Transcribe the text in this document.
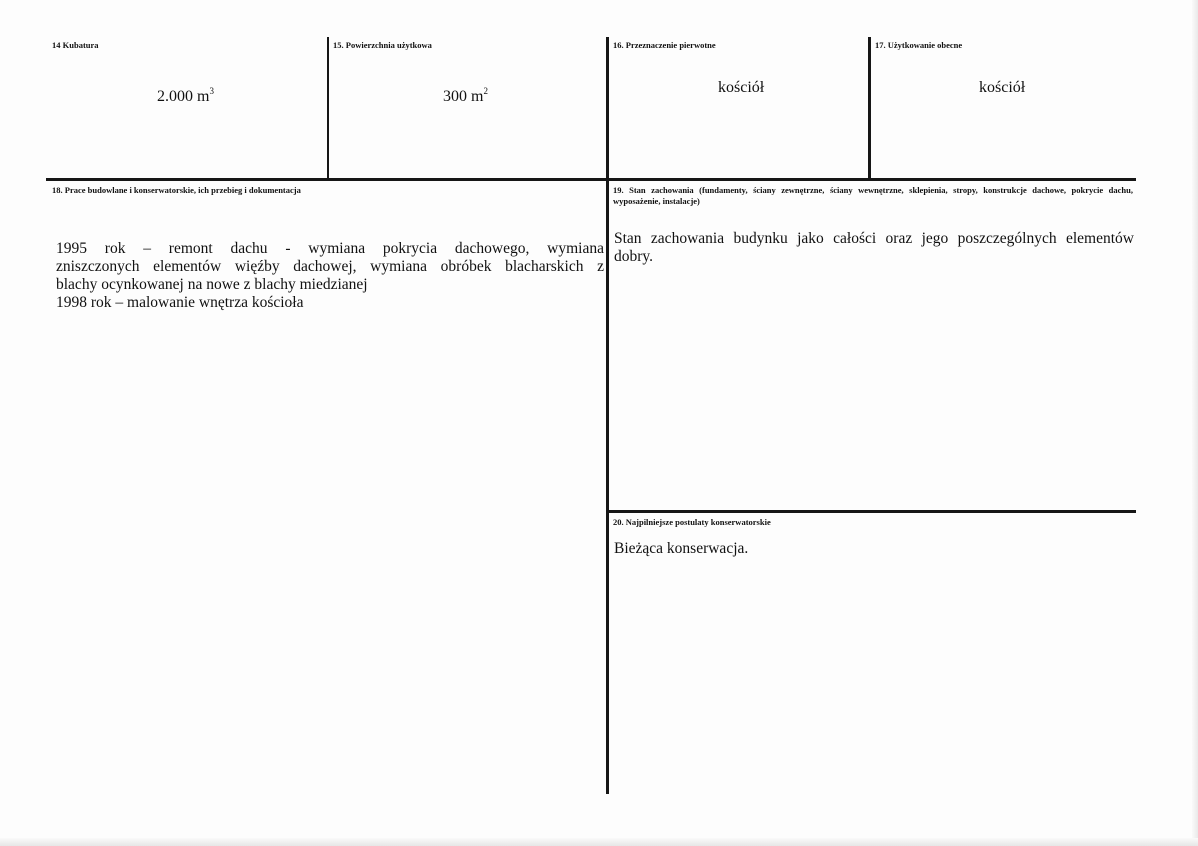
14 Kubatura
2.000 $m^3$
15. Powierzchnia użytkowa
300 $m^2$
16. Przeznaczenie pierwotne
kościół
17. Użytkowanie obecne
kościół
18. Prace budowlane i konserwatorskie, ich przebieg i dokumentacja
1995 rok – remont dachu - wymiana pokrycia dachowego, wymiana
zniszczonych elementów więźby dachowej, wymiana obróbek blacharskich z
blachy ocynkowanej na nowe z blachy miedzianej
1998 rok – malowanie wnętrza kościoła
19. Stan zachowania (fundamenty, ściany zewnętrzne, ściany wewnętrzne, sklepienia, stropy, konstrukcje dachowe, pokrycie dachu, wyposażenie, instalacje)
Stan zachowania budynku jako całości oraz jego poszczególnych elementów
dobry.
20. Najpilniejsze postulaty konserwatorskie
Bieżąca konserwacja.
